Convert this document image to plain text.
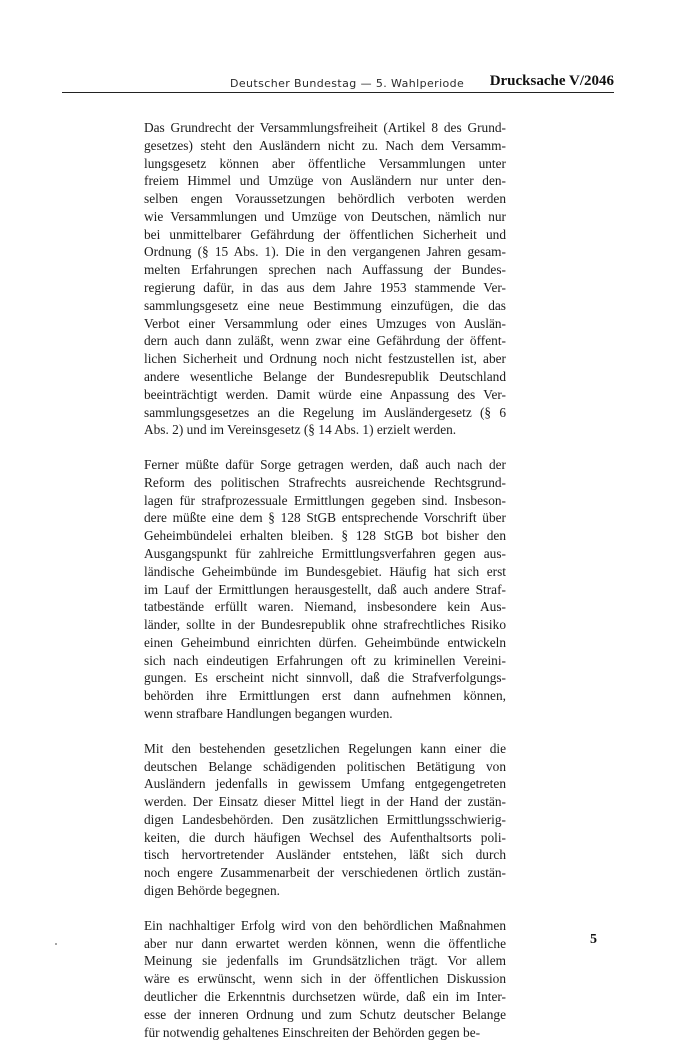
Deutscher Bundestag — 5. Wahlperiode Drucksache V/2046
Das Grundrecht der Versammlungsfreiheit (Artikel 8 des Grund-
gesetzes) steht den Ausländern nicht zu. Nach dem Versamm-
lungsgesetz können aber öffentliche Versammlungen unter
freiem Himmel und Umzüge von Ausländern nur unter den-
selben engen Voraussetzungen behördlich verboten werden
wie Versammlungen und Umzüge von Deutschen, nämlich nur
bei unmittelbarer Gefährdung der öffentlichen Sicherheit und
Ordnung (§ 15 Abs. 1). Die in den vergangenen Jahren gesam-
melten Erfahrungen sprechen nach Auffassung der Bundes-
regierung dafür, in das aus dem Jahre 1953 stammende Ver-
sammlungsgesetz eine neue Bestimmung einzufügen, die das
Verbot einer Versammlung oder eines Umzuges von Auslän-
dern auch dann zuläßt, wenn zwar eine Gefährdung der öffent-
lichen Sicherheit und Ordnung noch nicht festzustellen ist, aber
andere wesentliche Belange der Bundesrepublik Deutschland
beeinträchtigt werden. Damit würde eine Anpassung des Ver-
sammlungsgesetzes an die Regelung im Ausländergesetz (§ 6
Abs. 2) und im Vereinsgesetz (§ 14 Abs. 1) erzielt werden.
Ferner müßte dafür Sorge getragen werden, daß auch nach der
Reform des politischen Strafrechts ausreichende Rechtsgrund-
lagen für strafprozessuale Ermittlungen gegeben sind. Insbeson-
dere müßte eine dem § 128 StGB entsprechende Vorschrift über
Geheimbündelei erhalten bleiben. § 128 StGB bot bisher den
Ausgangspunkt für zahlreiche Ermittlungsverfahren gegen aus-
ländische Geheimbünde im Bundesgebiet. Häufig hat sich erst
im Lauf der Ermittlungen herausgestellt, daß auch andere Straf-
tatbestände erfüllt waren. Niemand, insbesondere kein Aus-
länder, sollte in der Bundesrepublik ohne strafrechtliches Risiko
einen Geheimbund einrichten dürfen. Geheimbünde entwickeln
sich nach eindeutigen Erfahrungen oft zu kriminellen Vereini-
gungen. Es erscheint nicht sinnvoll, daß die Strafverfolgungs-
behörden ihre Ermittlungen erst dann aufnehmen können,
wenn strafbare Handlungen begangen wurden.
Mit den bestehenden gesetzlichen Regelungen kann einer die
deutschen Belange schädigenden politischen Betätigung von
Ausländern jedenfalls in gewissem Umfang entgegengetreten
werden. Der Einsatz dieser Mittel liegt in der Hand der zustän-
digen Landesbehörden. Den zusätzlichen Ermittlungsschwierig-
keiten, die durch häufigen Wechsel des Aufenthaltsorts poli-
tisch hervortretender Ausländer entstehen, läßt sich durch
noch engere Zusammenarbeit der verschiedenen örtlich zustän-
digen Behörde begegnen.
Ein nachhaltiger Erfolg wird von den behördlichen Maßnahmen
aber nur dann erwartet werden können, wenn die öffentliche
Meinung sie jedenfalls im Grundsätzlichen trägt. Vor allem
wäre es erwünscht, wenn sich in der öffentlichen Diskussion
deutlicher die Erkenntnis durchsetzen würde, daß ein im Inter-
esse der inneren Ordnung und zum Schutz deutscher Belange
für notwendig gehaltenes Einschreiten der Behörden gegen be-
5
